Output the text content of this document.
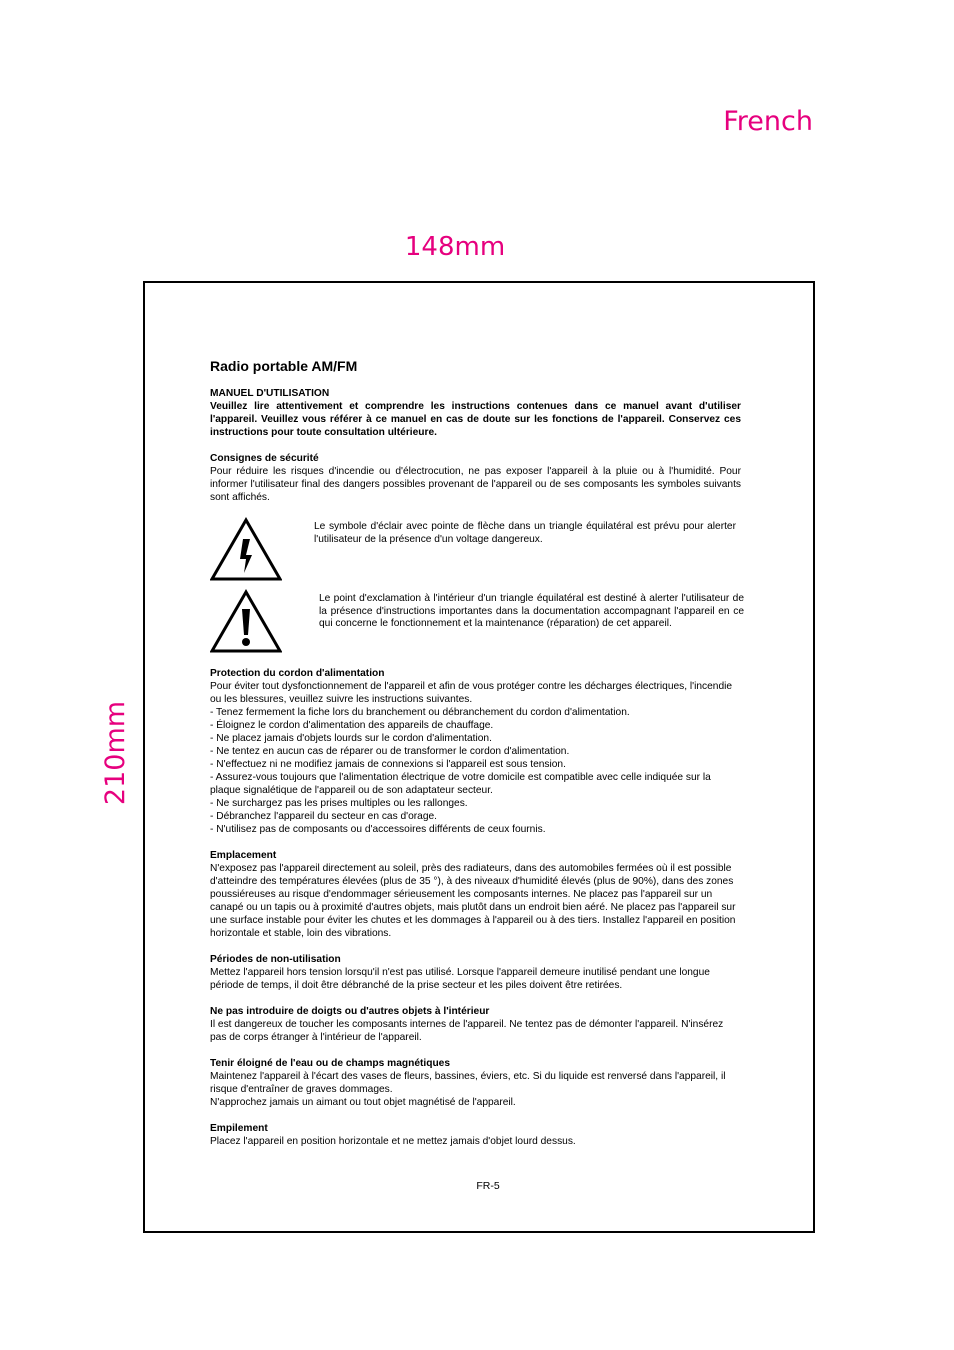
French
148mm
210mm

Radio portable AM/FM

MANUEL D'UTILISATION

Veuillez lire attentivement et comprendre les instructions contenues dans ce manuel avant d'utiliser l'appareil. Veuillez vous référer à ce manuel en cas de doute sur les fonctions de l'appareil. Conservez ces instructions pour toute consultation ultérieure.

Consignes de sécurité

Pour réduire les risques d'incendie ou d'électrocution, ne pas exposer l'appareil à la pluie ou à l'humidité. Pour informer l'utilisateur final des dangers possibles provenant de l'appareil ou de ses composants les symboles suivants sont affichés.

Le symbole d'éclair avec pointe de flèche dans un triangle équilatéral est prévu pour alerter l'utilisateur de la présence d'un voltage dangereux.
Le point d'exclamation à l'intérieur d'un triangle équilatéral est destiné à alerter l'utilisateur de la présence d'instructions importantes dans la documentation accompagnant l'appareil en ce qui concerne le fonctionnement et la maintenance (réparation) de cet appareil.

Protection du cordon d'alimentation

Pour éviter tout dysfonctionnement de l'appareil et afin de vous protéger contre les décharges électriques, l'incendie ou les blessures, veuillez suivre les instructions suivantes.

- Tenez fermement la fiche lors du branchement ou débranchement du cordon d'alimentation.
- Éloignez le cordon d'alimentation des appareils de chauffage.
- Ne placez jamais d'objets lourds sur le cordon d'alimentation.
- Ne tentez en aucun cas de réparer ou de transformer le cordon d'alimentation.
- N'effectuez ni ne modifiez jamais de connexions si l'appareil est sous tension.
- Assurez-vous toujours que l'alimentation électrique de votre domicile est compatible avec celle indiquée sur la plaque signalétique de l'appareil ou de son adaptateur secteur.
- Ne surchargez pas les prises multiples ou les rallonges.
- Débranchez l'appareil du secteur en cas d'orage.
- N'utilisez pas de composants ou d'accessoires différents de ceux fournis.

Emplacement

N'exposez pas l'appareil directement au soleil, près des radiateurs, dans des automobiles fermées où il est possible d'atteindre des températures élevées (plus de 35 °), à des niveaux d'humidité élevés (plus de 90%), dans des zones poussiéreuses au risque d'endommager sérieusement les composants internes. Ne placez pas l'appareil sur un canapé ou un tapis ou à proximité d'autres objets, mais plutôt dans un endroit bien aéré. Ne placez pas l'appareil sur une surface instable pour éviter les chutes et les dommages à l'appareil ou à des tiers. Installez l'appareil en position horizontale et stable, loin des vibrations.

Périodes de non-utilisation

Mettez l'appareil hors tension lorsqu'il n'est pas utilisé. Lorsque l'appareil demeure inutilisé pendant une longue période de temps, il doit être débranché de la prise secteur et les piles doivent être retirées.

Ne pas introduire de doigts ou d'autres objets à l'intérieur

Il est dangereux de toucher les composants internes de l'appareil. Ne tentez pas de démonter l'appareil. N'insérez pas de corps étranger à l'intérieur de l'appareil.

Tenir éloigné de l'eau ou de champs magnétiques

Maintenez l'appareil à l'écart des vases de fleurs, bassines, éviers, etc. Si du liquide est renversé dans l'appareil, il risque d'entraîner de graves dommages.

N'approchez jamais un aimant ou tout objet magnétisé de l'appareil.

Empilement

Placez l'appareil en position horizontale et ne mettez jamais d'objet lourd dessus.

FR-5
